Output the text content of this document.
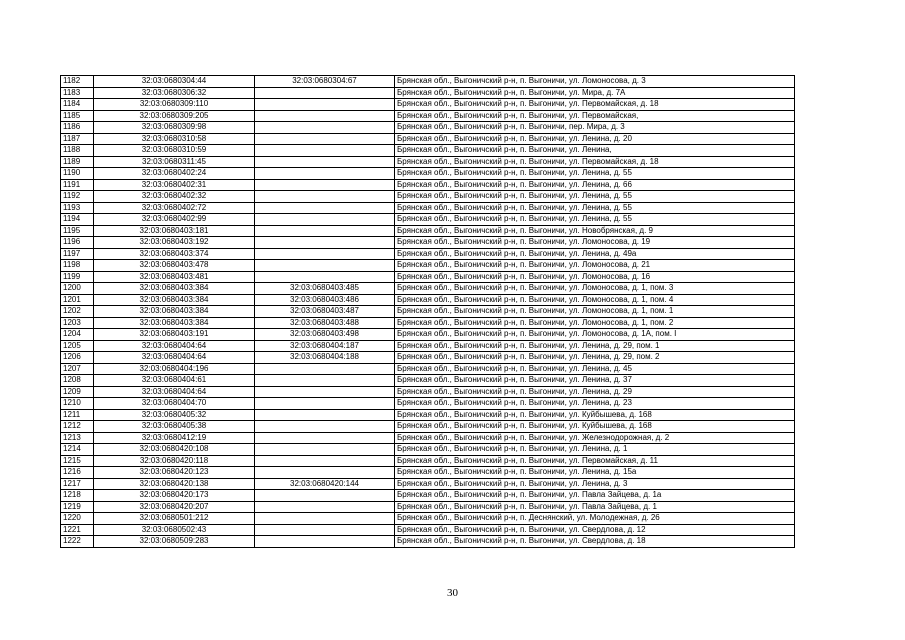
1182	32:03:0680304:44	32:03:0680304:67	Брянская обл., Выгоничский р-н, п. Выгоничи, ул. Ломоносова, д. 3
1183	32:03:0680306:32		Брянская обл., Выгоничский р-н, п. Выгоничи, ул. Мира, д. 7А
1184	32:03:0680309:110		Брянская обл., Выгоничский р-н, п. Выгоничи, ул. Первомайская, д. 18
1185	32:03:0680309:205		Брянская обл., Выгоничский р-н, п. Выгоничи, ул. Первомайская,
1186	32:03:0680309:98		Брянская обл., Выгоничский р-н, п. Выгоничи, пер. Мира, д. 3
1187	32:03:0680310:58		Брянская обл., Выгоничский р-н, п. Выгоничи, ул. Ленина, д. 20
1188	32:03:0680310:59		Брянская обл., Выгоничский р-н, п. Выгоничи, ул. Ленина,
1189	32:03:0680311:45		Брянская обл., Выгоничский р-н, п. Выгоничи, ул. Первомайская, д. 18
1190	32:03:0680402:24		Брянская обл., Выгоничский р-н, п. Выгоничи, ул. Ленина, д. 55
1191	32:03:0680402:31		Брянская обл., Выгоничский р-н, п. Выгоничи, ул. Ленина, д. 66
1192	32:03:0680402:32		Брянская обл., Выгоничский р-н, п. Выгоничи, ул. Ленина, д. 55
1193	32:03:0680402:72		Брянская обл., Выгоничский р-н, п. Выгоничи, ул. Ленина, д. 55
1194	32:03:0680402:99		Брянская обл., Выгоничский р-н, п. Выгоничи, ул. Ленина, д. 55
1195	32:03:0680403:181		Брянская обл., Выгоничский р-н, п. Выгоничи, ул. Новобрянская, д. 9
1196	32:03:0680403:192		Брянская обл., Выгоничский р-н, п. Выгоничи, ул. Ломоносова, д. 19
1197	32:03:0680403:374		Брянская обл., Выгоничский р-н, п. Выгоничи, ул. Ленина, д. 49а
1198	32:03:0680403:478		Брянская обл., Выгоничский р-н, п. Выгоничи, ул. Ломоносова, д. 21
1199	32:03:0680403:481		Брянская обл., Выгоничский р-н, п. Выгоничи, ул. Ломоносова, д. 16
1200	32:03:0680403:384	32:03:0680403:485	Брянская обл., Выгоничский р-н, п. Выгоничи, ул. Ломоносова, д. 1, пом. 3
1201	32:03:0680403:384	32:03:0680403:486	Брянская обл., Выгоничский р-н, п. Выгоничи, ул. Ломоносова, д. 1, пом. 4
1202	32:03:0680403:384	32:03:0680403:487	Брянская обл., Выгоничский р-н, п. Выгоничи, ул. Ломоносова, д. 1, пом. 1
1203	32:03:0680403:384	32:03:0680403:488	Брянская обл., Выгоничский р-н, п. Выгоничи, ул. Ломоносова, д. 1, пом. 2
1204	32:03:0680403:191	32:03:0680403:498	Брянская обл., Выгоничский р-н, п. Выгоничи, ул. Ломоносова, д. 1А, пом. I
1205	32:03:0680404:64	32:03:0680404:187	Брянская обл., Выгоничский р-н, п. Выгоничи, ул. Ленина, д. 29, пом. 1
1206	32:03:0680404:64	32:03:0680404:188	Брянская обл., Выгоничский р-н, п. Выгоничи, ул. Ленина, д. 29, пом. 2
1207	32:03:0680404:196		Брянская обл., Выгоничский р-н, п. Выгоничи, ул. Ленина, д. 45
1208	32:03:0680404:61		Брянская обл., Выгоничский р-н, п. Выгоничи, ул. Ленина, д. 37
1209	32:03:0680404:64		Брянская обл., Выгоничский р-н, п. Выгоничи, ул. Ленина, д. 29
1210	32:03:0680404:70		Брянская обл., Выгоничский р-н, п. Выгоничи, ул. Ленина, д. 23
1211	32:03:0680405:32		Брянская обл., Выгоничский р-н, п. Выгоничи, ул. Куйбышева, д. 168
1212	32:03:0680405:38		Брянская обл., Выгоничский р-н, п. Выгоничи, ул. Куйбышева, д. 168
1213	32:03:0680412:19		Брянская обл., Выгоничский р-н, п. Выгоничи, ул. Железнодорожная, д. 2
1214	32:03:0680420:108		Брянская обл., Выгоничский р-н, п. Выгоничи, ул. Ленина, д. 1
1215	32:03:0680420:118		Брянская обл., Выгоничский р-н, п. Выгоничи, ул. Первомайская, д. 11
1216	32:03:0680420:123		Брянская обл., Выгоничский р-н, п. Выгоничи, ул. Ленина, д. 15а
1217	32:03:0680420:138	32:03:0680420:144	Брянская обл., Выгоничский р-н, п. Выгоничи, ул. Ленина, д. 3
1218	32:03:0680420:173		Брянская обл., Выгоничский р-н, п. Выгоничи, ул. Павла Зайцева, д. 1а
1219	32:03:0680420:207		Брянская обл., Выгоничский р-н, п. Выгоничи, ул. Павла Зайцева, д. 1
1220	32:03:0680501:212		Брянская обл., Выгоничский р-н, п. Деснянский, ул. Молодежная, д. 26
1221	32:03:0680502:43		Брянская обл., Выгоничский р-н, п. Выгоничи, ул. Свердлова, д. 12
1222	32:03:0680509:283		Брянская обл., Выгоничский р-н, п. Выгоничи, ул. Свердлова, д. 18
30
